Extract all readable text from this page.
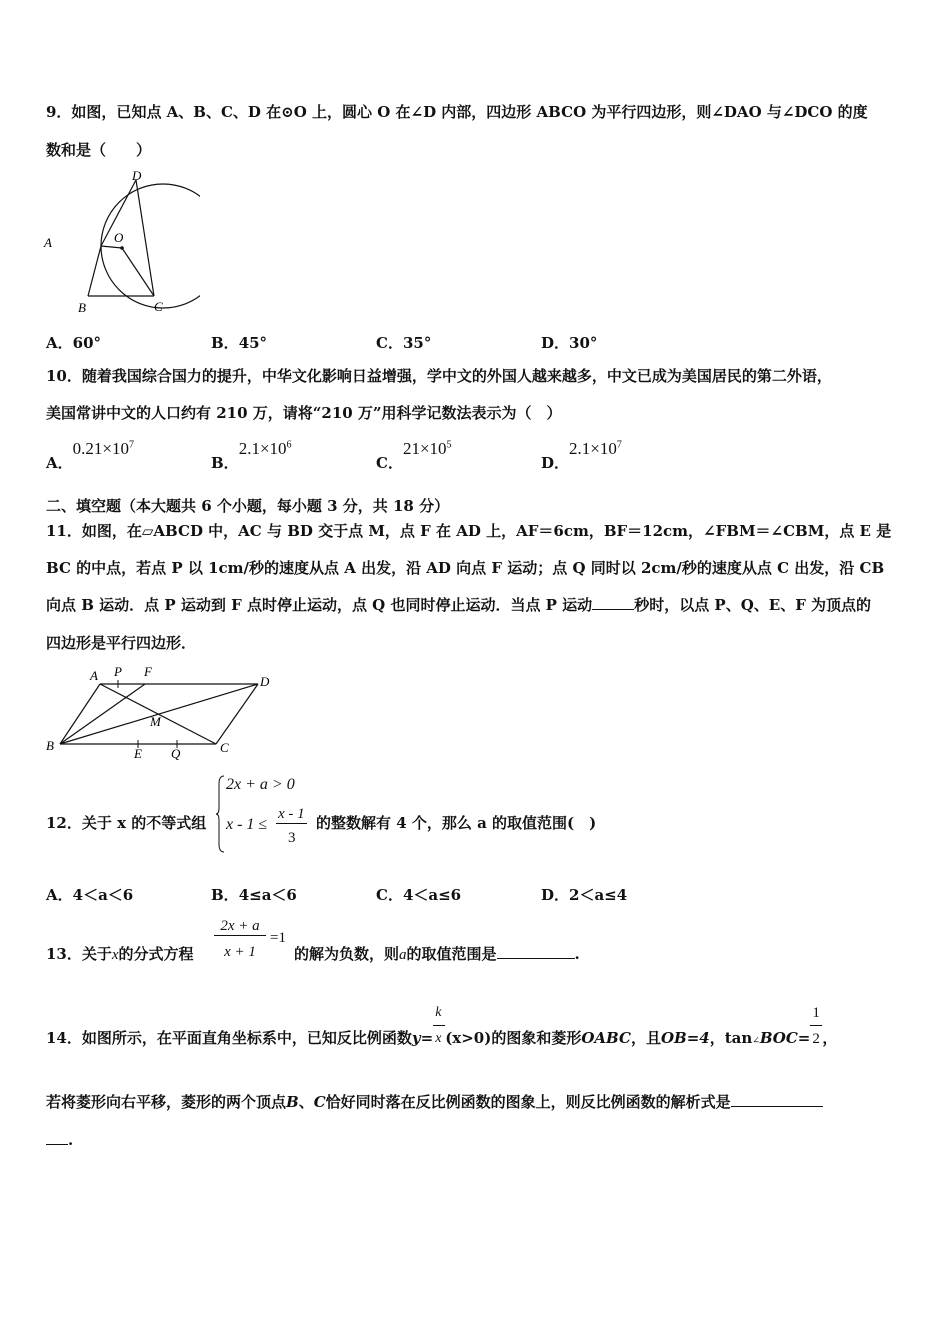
9．如图，已知点 A、B、C、D 在⊙O 上，圆心 O 在∠D 内部，四边形 ABCO 为平行四边形，则∠DAO 与∠DCO 的度
数和是（　　）
A
D
O
B	C
A．60°	B．45°	C．35°	D．30°
10．随着我国综合国力的提升，中华文化影响日益增强，学中文的外国人越来越多，中文已成为美国居民的第二外语，
美国常讲中文的人口约有 210 万，请将“210 万”用科学记数法表示为（　）
A．$0.21\times 10^7$
B．$2.1\times 10^6$
C．$21\times 10^5$
D．$2.1\times 10^7$
二、填空题（本大题共 6 个小题，每小题 3 分，共 18 分）
11．如图，在▱ABCD 中，AC 与 BD 交于点 M，点 F 在 AD 上，AF＝6cm，BF＝12cm，∠FBM＝∠CBM，点 E 是
BC 的中点，若点 P 以 1cm/秒的速度从点 A 出发，沿 AD 向点 F 运动；点 Q 同时以 2cm/秒的速度从点 C 出发，沿 CB
向点 B 运动．点 P 运动到 F 点时停止运动，点 Q 也同时停止运动．当点 P 运动	秒时，以点 P、Q、E、F 为顶点的
四边形是平行四边形．
A P F
D
M
B
E Q	C
12．关于 x 的不等式组
2x + a > 0
x - 1 ≤
x - 1
3
的整数解有 4 个，那么 a 的取值范围(　)
A．4＜a＜6	B．4≤a＜6	C．4＜a≤6	D．2＜a≤4
13．关于x的分式方程
2x + a
x + 1
=1
的解为负数，则a的取值范围是	.
14．如图所示，在平面直角坐标系中，已知反比例函数$y= \frac{k}{x} (x>0)$的图象和菱形OABC，且OB=4，tan∠BOC= $\frac{1}{2}$ ，
若将菱形向右平移，菱形的两个顶点B、C恰好同时落在反比例函数的图象上，则反比例函数的解析式是
.
